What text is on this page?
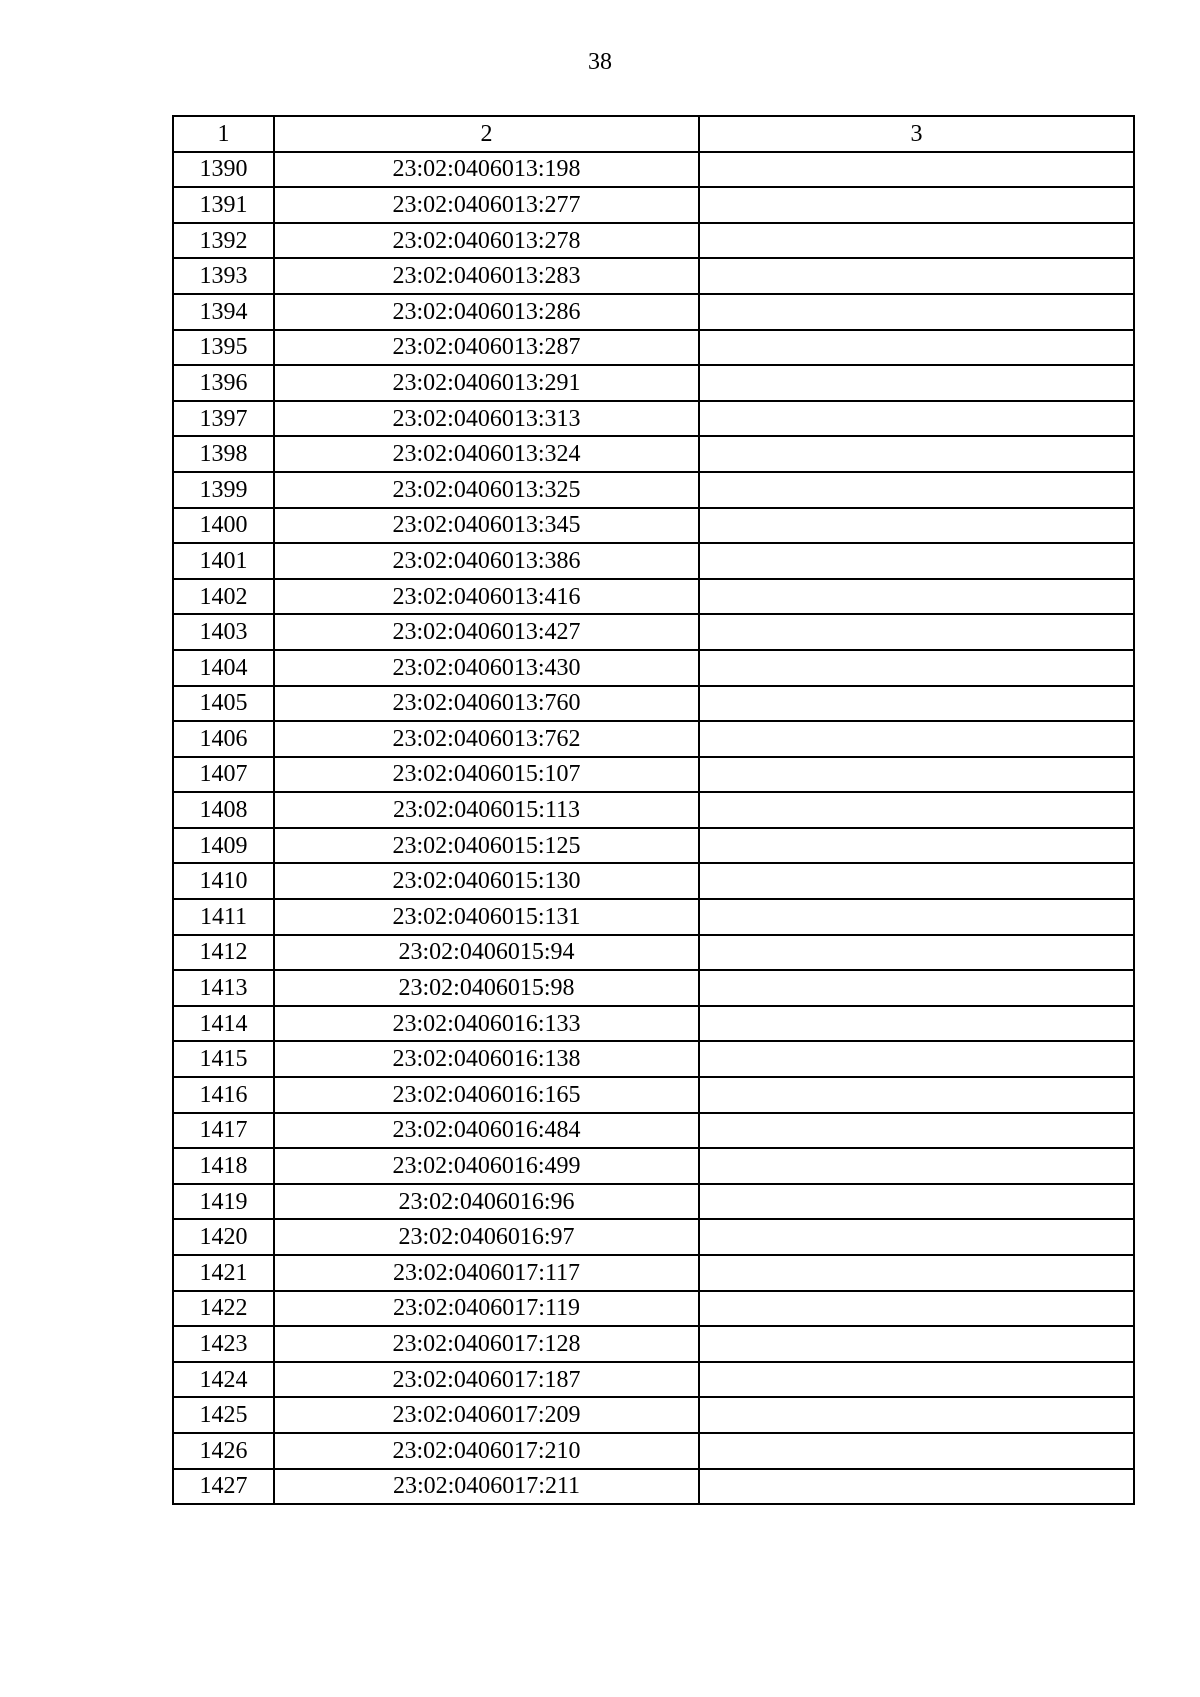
38
1	2	3
1390	23:02:0406013:198	
1391	23:02:0406013:277	
1392	23:02:0406013:278	
1393	23:02:0406013:283	
1394	23:02:0406013:286	
1395	23:02:0406013:287	
1396	23:02:0406013:291	
1397	23:02:0406013:313	
1398	23:02:0406013:324	
1399	23:02:0406013:325	
1400	23:02:0406013:345	
1401	23:02:0406013:386	
1402	23:02:0406013:416	
1403	23:02:0406013:427	
1404	23:02:0406013:430	
1405	23:02:0406013:760	
1406	23:02:0406013:762	
1407	23:02:0406015:107	
1408	23:02:0406015:113	
1409	23:02:0406015:125	
1410	23:02:0406015:130	
1411	23:02:0406015:131	
1412	23:02:0406015:94	
1413	23:02:0406015:98	
1414	23:02:0406016:133	
1415	23:02:0406016:138	
1416	23:02:0406016:165	
1417	23:02:0406016:484	
1418	23:02:0406016:499	
1419	23:02:0406016:96	
1420	23:02:0406016:97	
1421	23:02:0406017:117	
1422	23:02:0406017:119	
1423	23:02:0406017:128	
1424	23:02:0406017:187	
1425	23:02:0406017:209	
1426	23:02:0406017:210	
1427	23:02:0406017:211	
